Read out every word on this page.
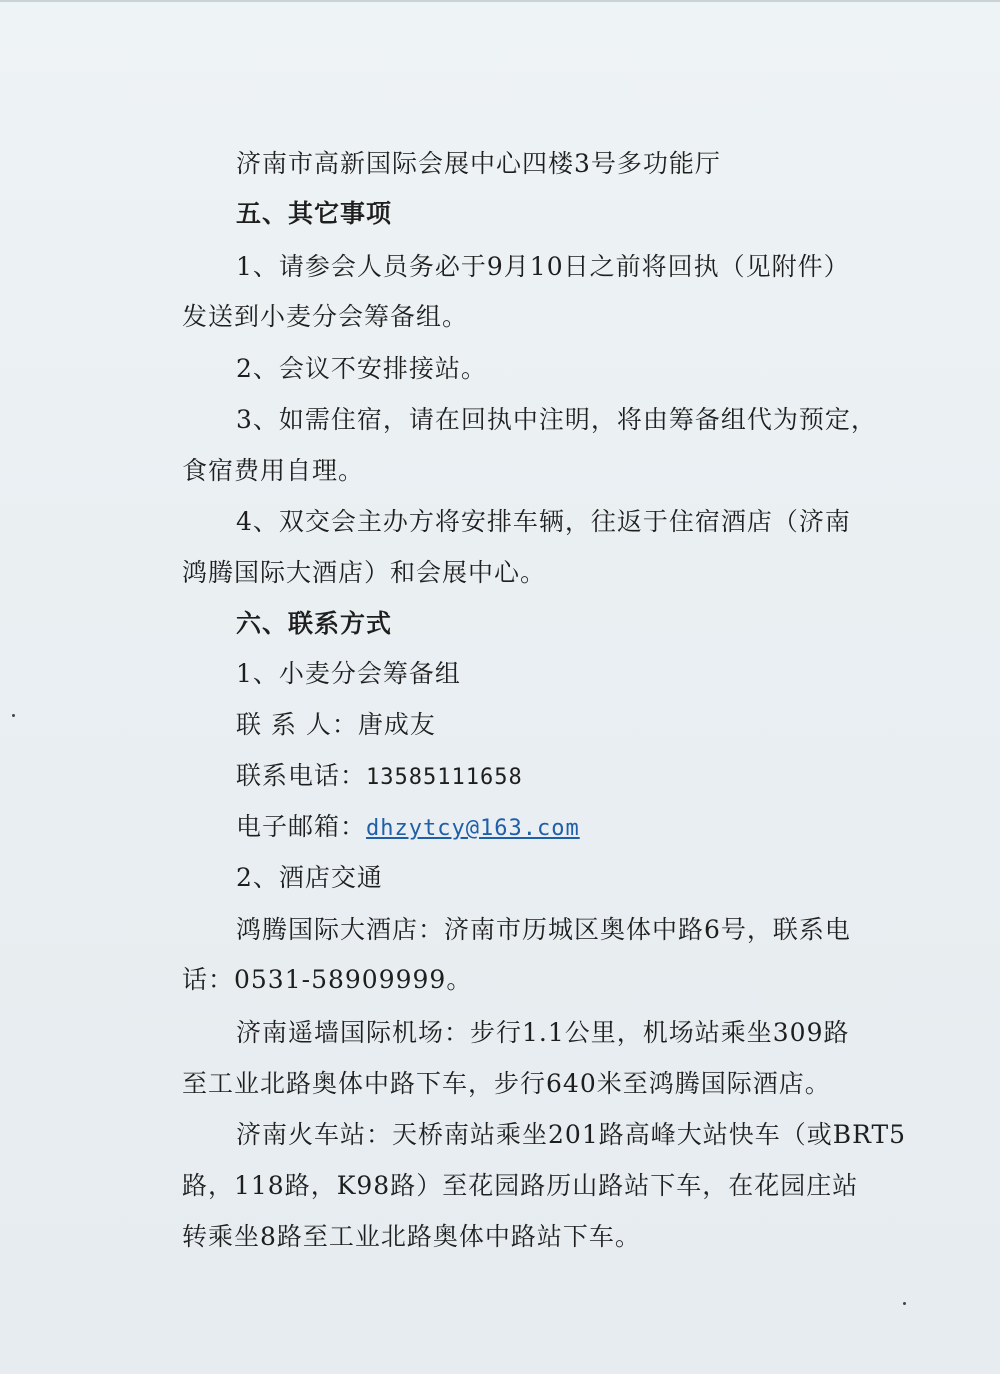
济南市高新国际会展中心四楼3号多功能厅
五、其它事项
1、请参会人员务必于9月10日之前将回执（见附件）
发送到小麦分会筹备组。
2、会议不安排接站。
3、如需住宿，请在回执中注明，将由筹备组代为预定，
食宿费用自理。
4、双交会主办方将安排车辆，往返于住宿酒店（济南
鸿腾国际大酒店）和会展中心。
六、联系方式
1、小麦分会筹备组
联 系 人：唐成友
联系电话：13585111658
电子邮箱：dhzytcy@163.com
2、酒店交通
鸿腾国际大酒店：济南市历城区奥体中路6号，联系电
话：0531-58909999。
济南遥墙国际机场：步行1.1公里，机场站乘坐309路
至工业北路奥体中路下车，步行640米至鸿腾国际酒店。
济南火车站：天桥南站乘坐201路高峰大站快车（或BRT5
路，118路，K98路）至花园路历山路站下车，在花园庄站
转乘坐8路至工业北路奥体中路站下车。
